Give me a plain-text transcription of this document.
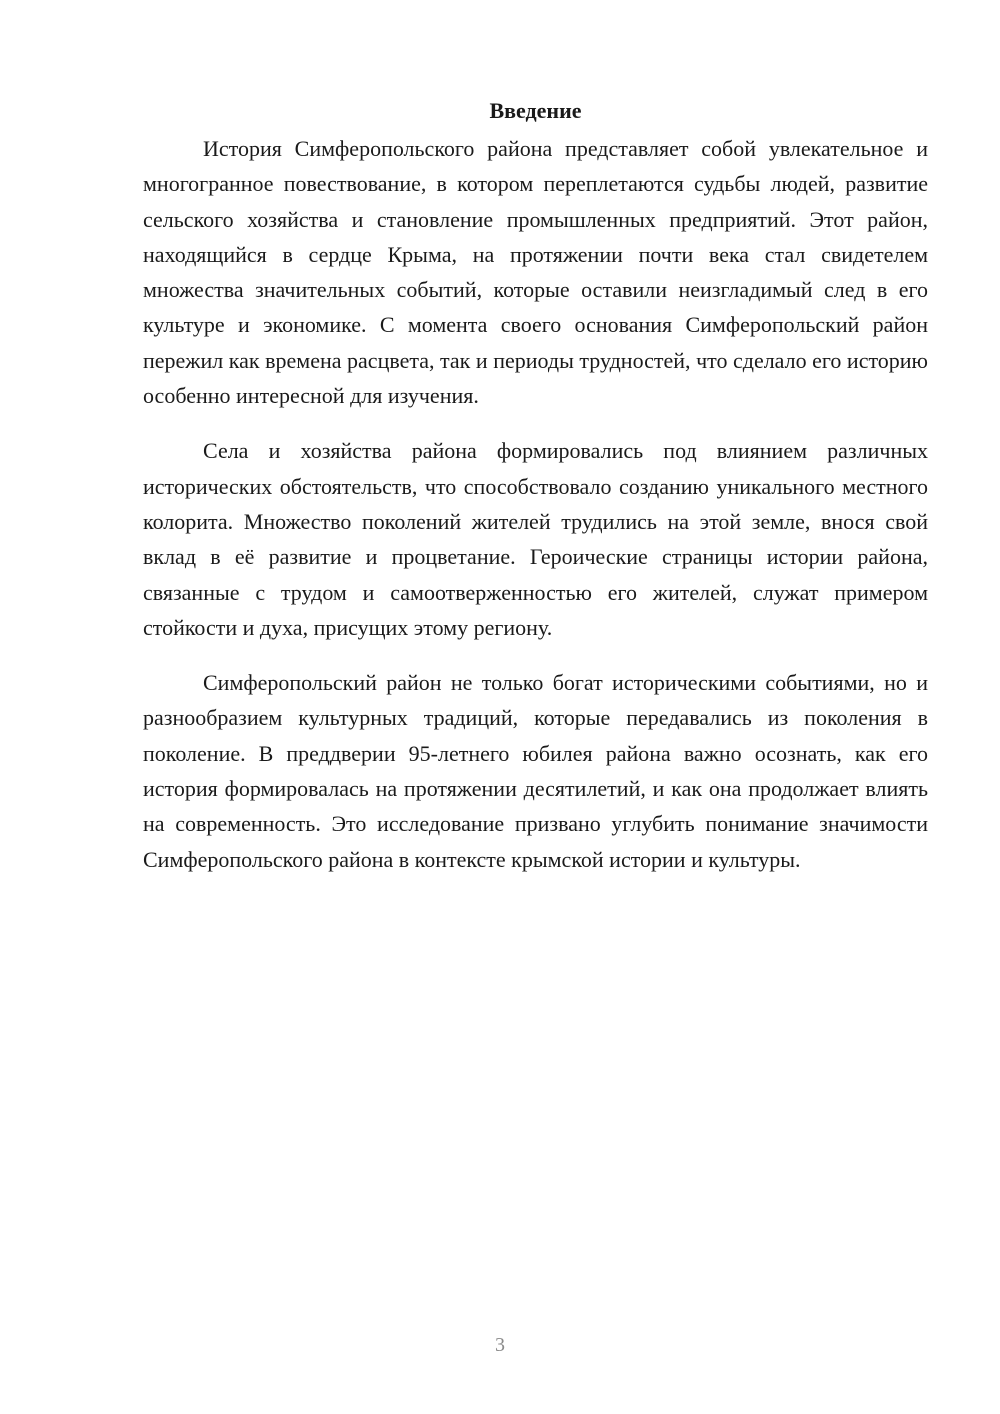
Введение

История Симферопольского района представляет собой увлекательное и многогранное повествование, в котором переплетаются судьбы людей, развитие сельского хозяйства и становление промышленных предприятий. Этот район, находящийся в сердце Крыма, на протяжении почти века стал свидетелем множества значительных событий, которые оставили неизгладимый след в его культуре и экономике. С момента своего основания Симферопольский район пережил как времена расцвета, так и периоды трудностей, что сделало его историю особенно интересной для изучения.

Села и хозяйства района формировались под влиянием различных исторических обстоятельств, что способствовало созданию уникального местного колорита. Множество поколений жителей трудились на этой земле, внося свой вклад в её развитие и процветание. Героические страницы истории района, связанные с трудом и самоотверженностью его жителей, служат примером стойкости и духа, присущих этому региону.

Симферопольский район не только богат историческими событиями, но и разнообразием культурных традиций, которые передавались из поколения в поколение. В преддверии 95-летнего юбилея района важно осознать, как его история формировалась на протяжении десятилетий, и как она продолжает влиять на современность. Это исследование призвано углубить понимание значимости Симферопольского района в контексте крымской истории и культуры.

3
